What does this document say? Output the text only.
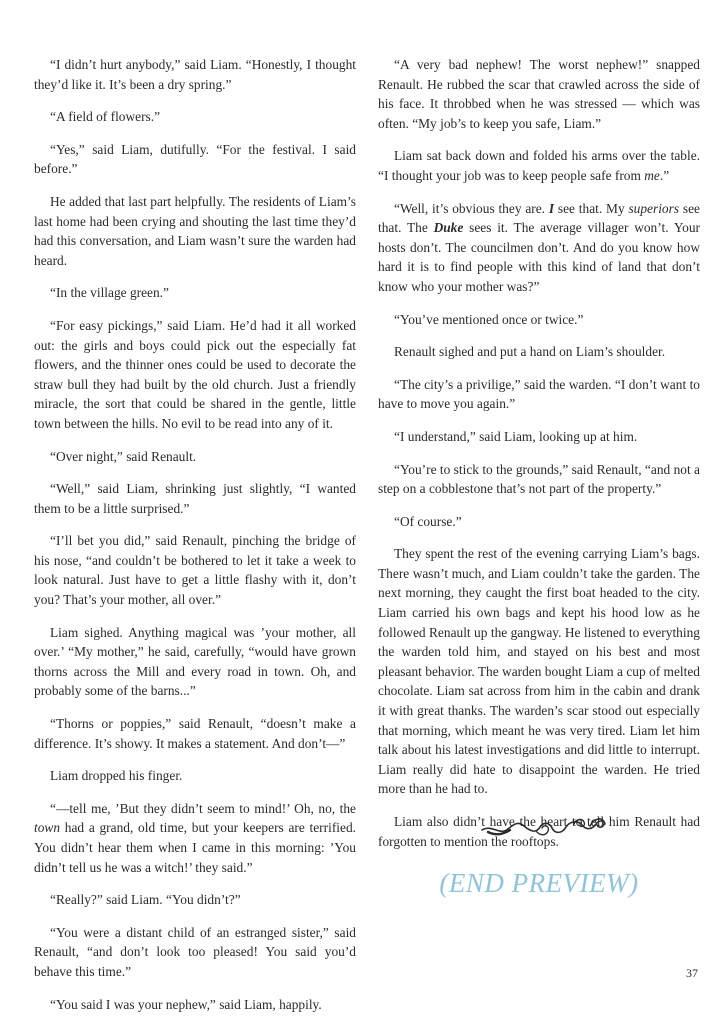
“I didn’t hurt anybody,” said Liam. “Honestly, I thought they’d like it. It’s been a dry spring.”

“A field of flowers.”

“Yes,” said Liam, dutifully. “For the festival. I said before.”

He added that last part helpfully. The residents of Liam’s last home had been crying and shouting the last time they’d had this conversation, and Liam wasn’t sure the warden had heard.

“In the village green.”

“For easy pickings,” said Liam. He’d had it all worked out: the girls and boys could pick out the especially fat flowers, and the thinner ones could be used to decorate the straw bull they had built by the old church. Just a friendly miracle, the sort that could be shared in the gentle, little town between the hills. No evil to be read into any of it.

“Over night,” said Renault.

“Well,” said Liam, shrinking just slightly, “I wanted them to be a little surprised.”

“I’ll bet you did,” said Renault, pinching the bridge of his nose, “and couldn’t be bothered to let it take a week to look natural. Just have to get a little flashy with it, don’t you? That’s your mother, all over.”

Liam sighed. Anything magical was ’your mother, all over.’ “My mother,” he said, carefully, “would have grown thorns across the Mill and every road in town. Oh, and probably some of the barns...”

“Thorns or poppies,” said Renault, “doesn’t make a difference. It’s showy. It makes a statement. And don’t—”

Liam dropped his finger.

“—tell me, ’But they didn’t seem to mind!’ Oh, no, the town had a grand, old time, but your keepers are terrified. You didn’t hear them when I came in this morning: ’You didn’t tell us he was a witch!’ they said.”

“Really?” said Liam. “You didn’t?”

“You were a distant child of an estranged sister,” said Renault, “and don’t look too pleased! You said you’d behave this time.”

“You said I was your nephew,” said Liam, happily.

“A very bad nephew! The worst nephew!” snapped Renault. He rubbed the scar that crawled across the side of his face. It throbbed when he was stressed — which was often. “My job’s to keep you safe, Liam.”

Liam sat back down and folded his arms over the table. “I thought your job was to keep people safe from me.”

“Well, it’s obvious they are. I see that. My superiors see that. The Duke sees it. The average villager won’t. Your hosts don’t. The councilmen don’t. And do you know how hard it is to find people with this kind of land that don’t know who your mother was?”

“You’ve mentioned once or twice.”

Renault sighed and put a hand on Liam’s shoulder.

“The city’s a privilige,” said the warden. “I don’t want to have to move you again.”

“I understand,” said Liam, looking up at him.

“You’re to stick to the grounds,” said Renault, “and not a step on a cobblestone that’s not part of the property.”

“Of course.”

They spent the rest of the evening carrying Liam’s bags. There wasn’t much, and Liam couldn’t take the garden. The next morning, they caught the first boat headed to the city. Liam carried his own bags and kept his hood low as he followed Renault up the gangway. He listened to everything the warden told him, and stayed on his best and most pleasant behavior. The warden bought Liam a cup of melted chocolate. Liam sat across from him in the cabin and drank it with great thanks. The warden’s scar stood out especially that morning, which meant he was very tired. Liam let him talk about his latest investigations and did little to interrupt. Liam really did hate to disappoint the warden. He tried more than he had to.

Liam also didn’t have the heart to tell him Renault had forgotten to mention the rooftops.

(END PREVIEW)
37
